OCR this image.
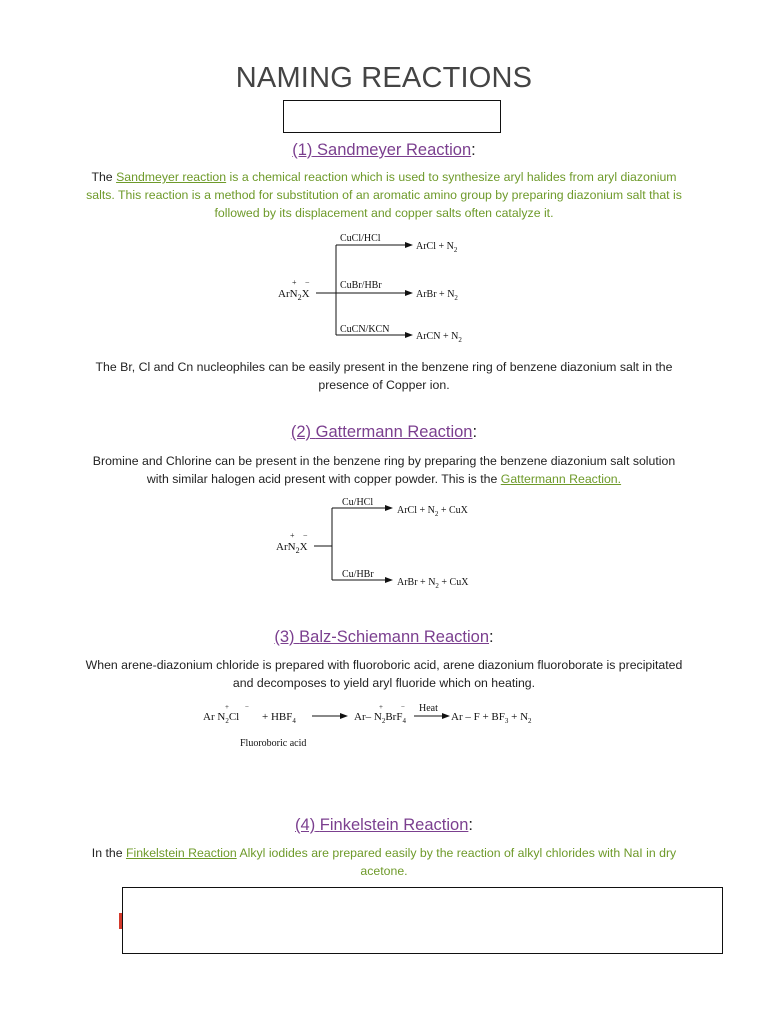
NAMING REACTIONS
(1) Sandmeyer Reaction:
The Sandmeyer reaction is a chemical reaction which is used to synthesize aryl halides from aryl diazonium salts. This reaction is a method for substitution of an aromatic amino group by preparing diazonium salt that is followed by its displacement and copper salts often catalyze it.
ArN$_2$X
+ −
CuCl/HCl
ArCl + $N_2$
CuBr/HBr
ArBr + $N_2$
CuCN/KCN
ArCN + $N_2$
The Br, Cl and Cn nucleophiles can be easily present in the benzene ring of benzene diazonium salt in the presence of Copper ion.
(2) Gattermann Reaction:
Bromine and Chlorine can be present in the benzene ring by preparing the benzene diazonium salt solution with similar halogen acid present with copper powder. This is the Gattermann Reaction.
ArN$_2$X
+ −
Cu/HCl
ArCl + $N_2$ + CuX
Cu/HBr
ArBr + $N_2$ + CuX
(3) Balz-Schiemann Reaction:
When arene-diazonium chloride is prepared with fluoroboric acid, arene diazonium fluoroborate is precipitated and decomposes to yield aryl fluoride which on heating.
Ar $N_2Cl$
+ −
+ $HBF_4$	Ar– $N_2BrF_4$
+	− Heat
$Ar - F + BF_3 + N_2$
Fluoroboric acid
(4) Finkelstein Reaction:
In the Finkelstein Reaction Alkyl iodides are prepared easily by the reaction of alkyl chlorides with NaI in dry acetone.
